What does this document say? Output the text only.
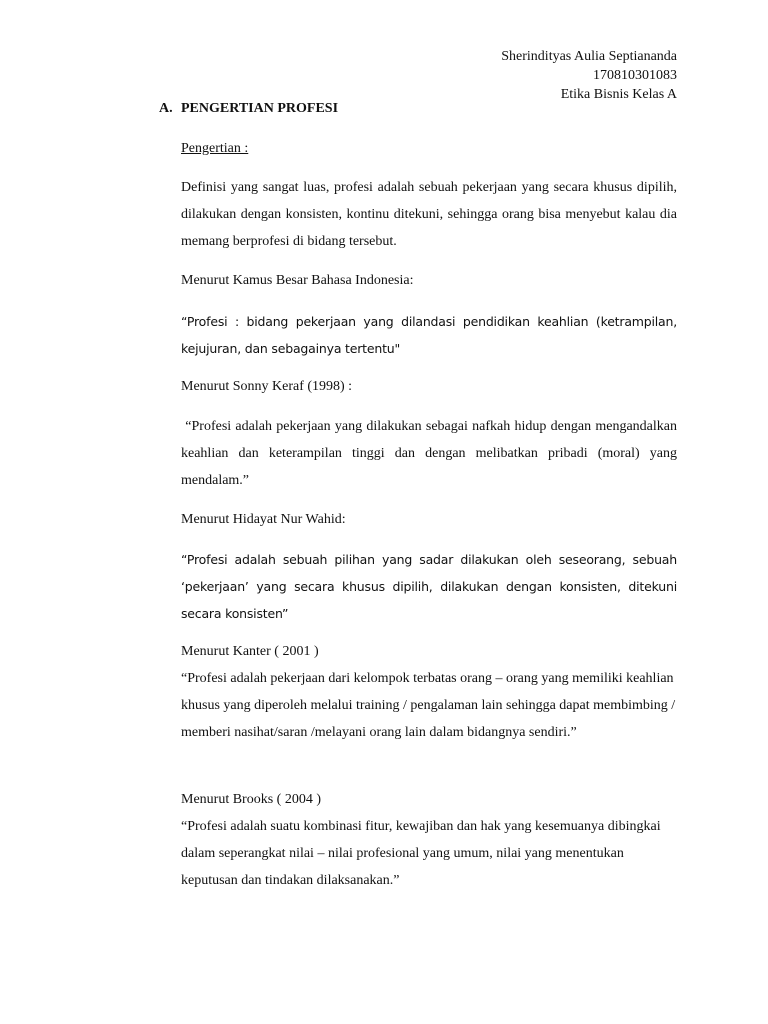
Sherindityas Aulia Septiananda
170810301083
Etika Bisnis Kelas A
A. PENGERTIAN PROFESI
Pengertian :
Definisi yang sangat luas, profesi adalah sebuah pekerjaan yang secara khusus dipilih, dilakukan dengan konsisten, kontinu ditekuni, sehingga orang bisa menyebut kalau dia memang berprofesi di bidang tersebut.
Menurut Kamus Besar Bahasa Indonesia:
“Profesi : bidang pekerjaan yang dilandasi pendidikan keahlian (ketrampilan, kejujuran, dan sebagainya tertentu"
Menurut Sonny Keraf (1998) :
“Profesi adalah pekerjaan yang dilakukan sebagai nafkah hidup dengan mengandalkan keahlian dan keterampilan tinggi dan dengan melibatkan pribadi (moral) yang mendalam.”
Menurut Hidayat Nur Wahid:
“Profesi adalah sebuah pilihan yang sadar dilakukan oleh seseorang, sebuah ‘pekerjaan’ yang secara khusus dipilih, dilakukan dengan konsisten, ditekuni secara konsisten”
Menurut Kanter ( 2001 )
“Profesi adalah pekerjaan dari kelompok terbatas orang – orang yang memiliki keahlian khusus yang diperoleh melalui training / pengalaman lain sehingga dapat membimbing / memberi nasihat/saran /melayani orang lain dalam bidangnya sendiri.”
Menurut Brooks ( 2004 )
“Profesi adalah suatu kombinasi fitur, kewajiban dan hak yang kesemuanya dibingkai dalam seperangkat nilai – nilai profesional yang umum, nilai yang menentukan keputusan dan tindakan dilaksanakan.”
